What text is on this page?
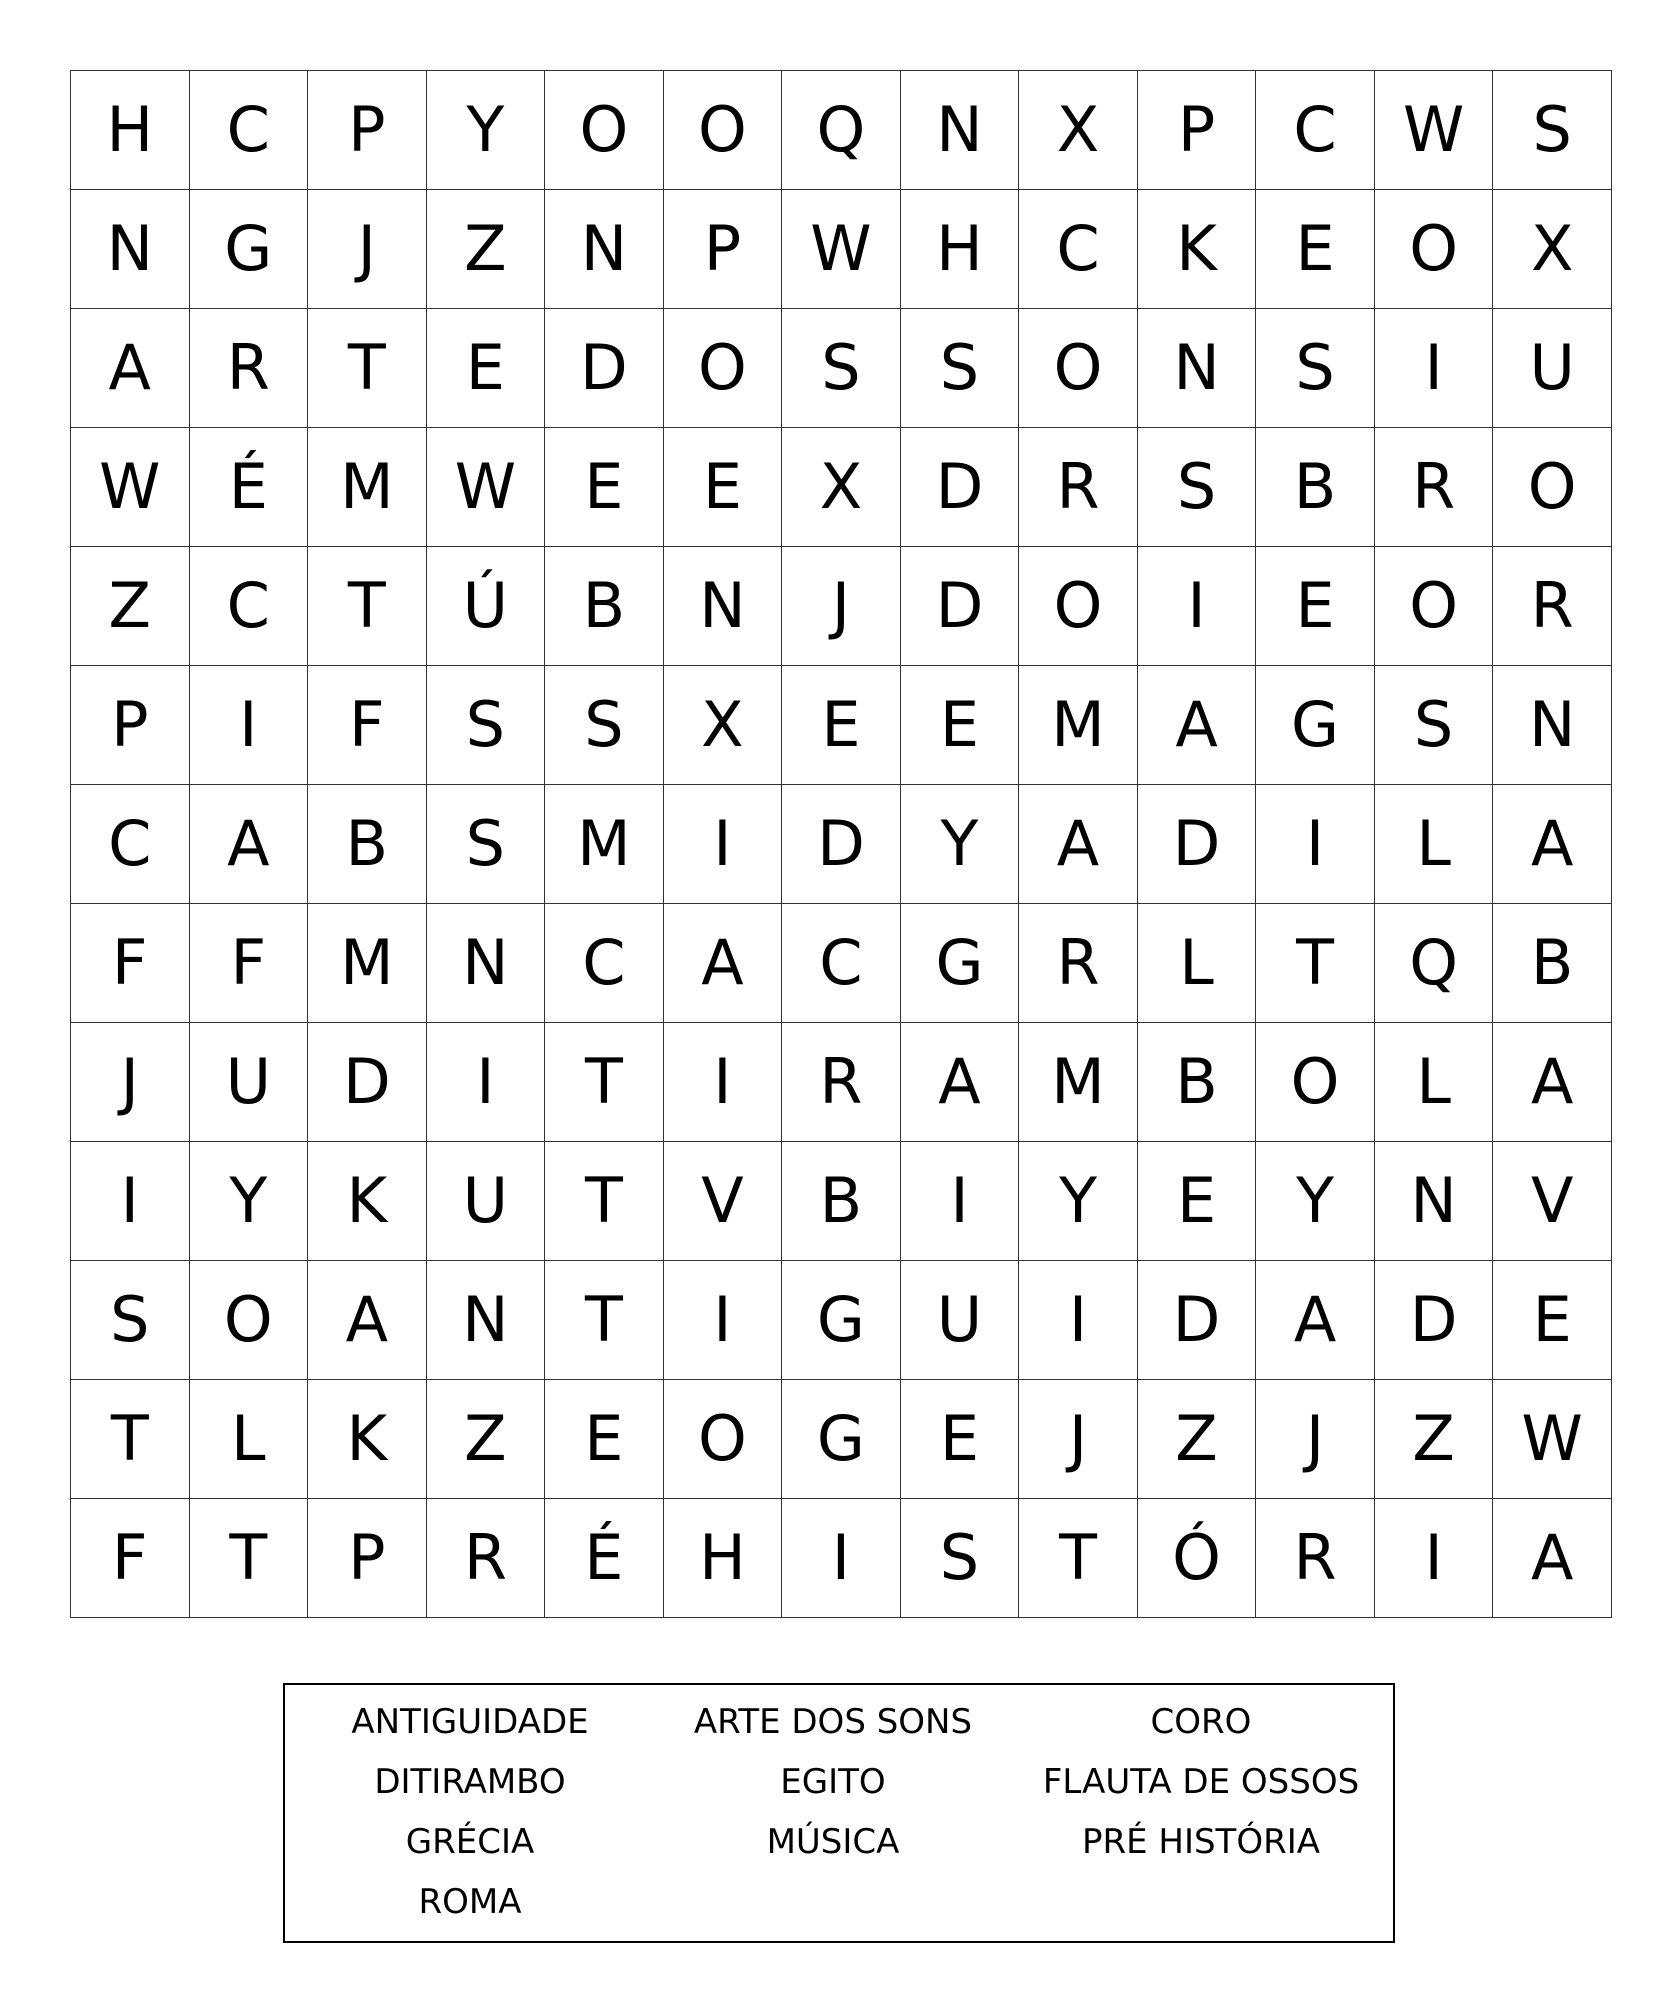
H	C	P	Y	O	O	Q	N	X	P	C	W	S
N	G	J	Z	N	P	W	H	C	K	E	O	X
A	R	T	E	D	O	S	S	O	N	S	I	U
W	É	M	W	E	E	X	D	R	S	B	R	O
Z	C	T	Ú	B	N	J	D	O	I	E	O	R
P	I	F	S	S	X	E	E	M	A	G	S	N
C	A	B	S	M	I	D	Y	A	D	I	L	A
F	F	M	N	C	A	C	G	R	L	T	Q	B
J	U	D	I	T	I	R	A	M	B	O	L	A
I	Y	K	U	T	V	B	I	Y	E	Y	N	V
S	O	A	N	T	I	G	U	I	D	A	D	E
T	L	K	Z	E	O	G	E	J	Z	J	Z	W
F	T	P	R	É	H	I	S	T	Ó	R	I	A
ANTIGUIDADE	ARTE DOS SONS	CORO
DITIRAMBO	EGITO	FLAUTA DE OSSOS
GRÉCIA	MÚSICA	PRÉ HISTÓRIA
ROMA
